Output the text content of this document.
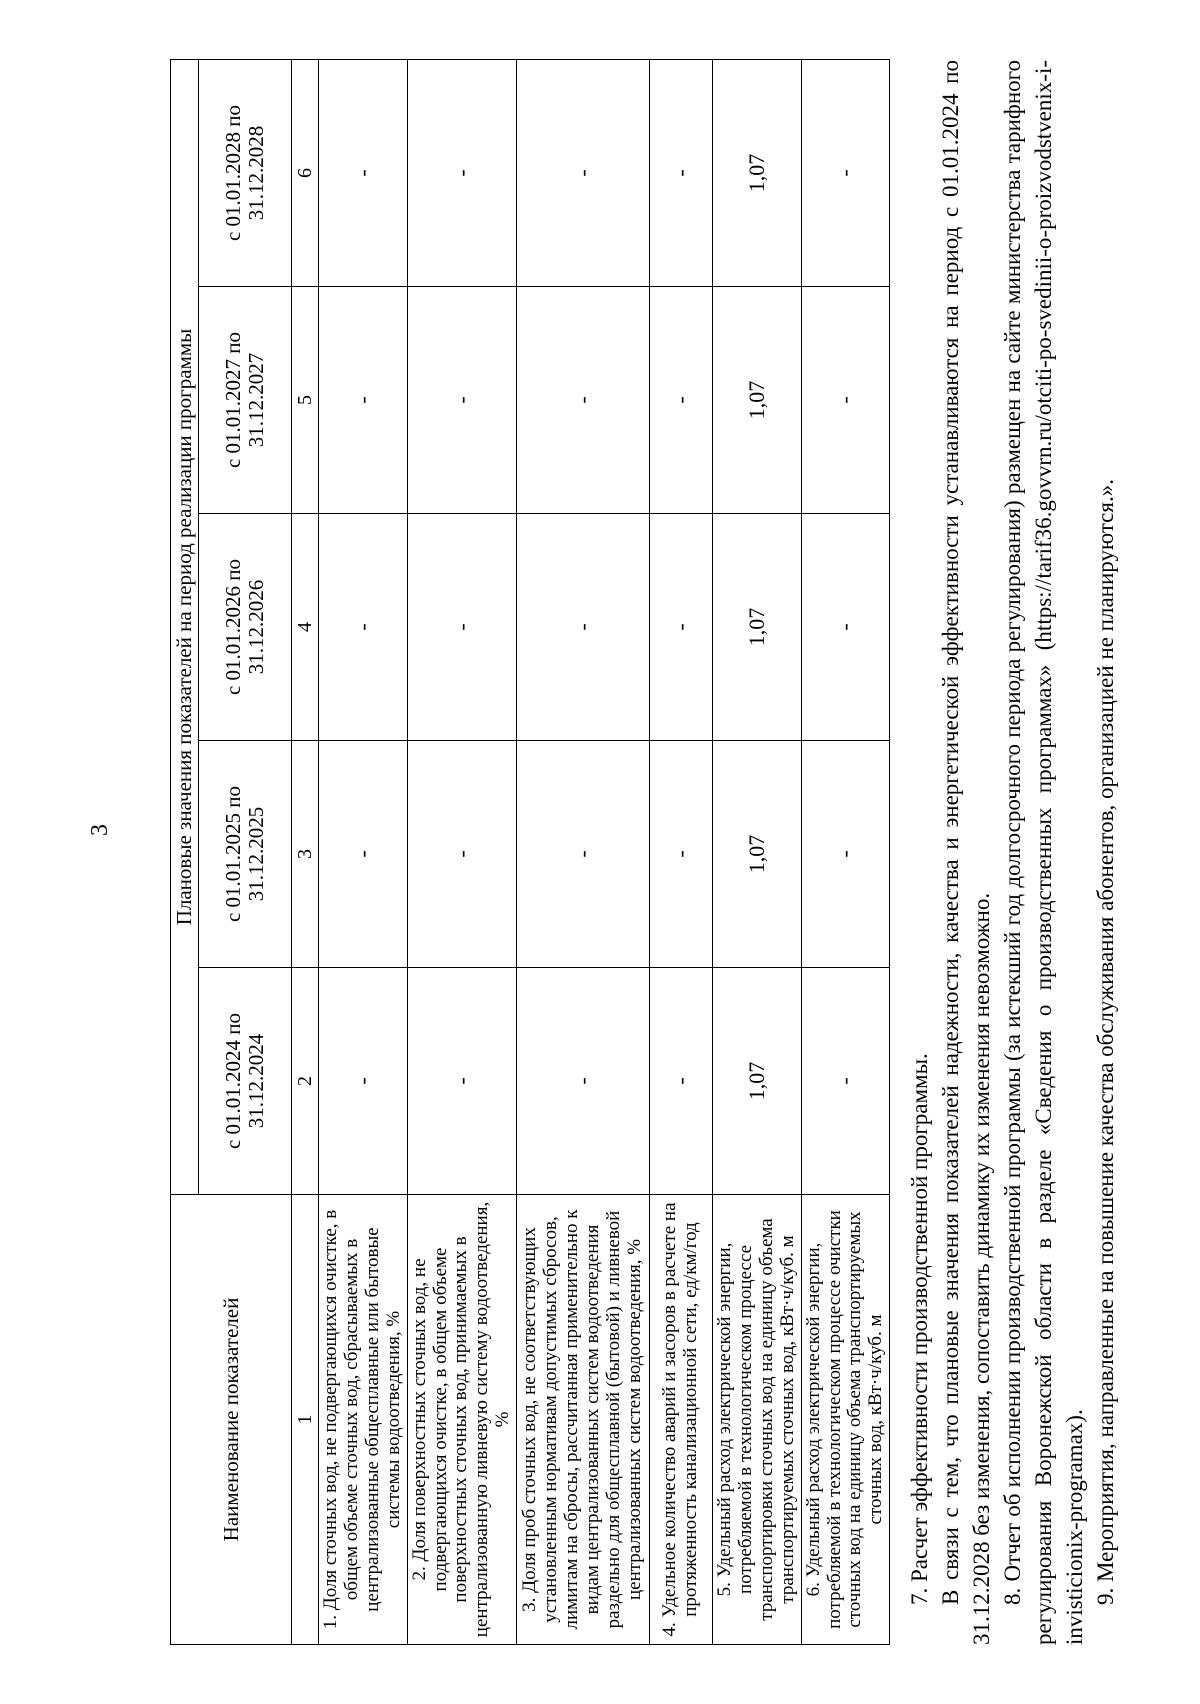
3
Наименование показателей	Плановые значения показателей на период реализации программы				
	с 01.01.2024 по 31.12.2024	с 01.01.2025 по 31.12.2025	с 01.01.2026 по 31.12.2026	с 01.01.2027 по 31.12.2027	с 01.01.2028 по 31.12.2028
1	2	3	4	5	6
1. Доля сточных вод, не подвергающихся очистке, в общем объеме сточных вод, сбрасываемых в централизованные общесплавные или бытовые системы водоотведения, %	-	-	-	-	-
2. Доля поверхностных сточных вод, не подвергающихся очистке, в общем объеме поверхностных сточных вод, принимаемых в централизованную ливневую систему водоотведения, %	-	-	-	-	-
3. Доля проб сточных вод, не соответствующих установленным нормативам допустимых сбросов, лимитам на сбросы, рассчитанная применительно к видам централизованных систем водоотведения раздельно для общесплавной (бытовой) и ливневой централизованных систем водоотведения, %	-	-	-	-	-
4. Удельное количество аварий и засоров в расчете на протяженность канализационной сети, ед/км/год	-	-	-	-	-
5. Удельный расход электрической энергии, потребляемой в технологическом процессе транспортировки сточных вод на единицу объема транспортируемых сточных вод, кВт·ч/куб. м	1,07	1,07	1,07	1,07	1,07
6. Удельный расход электрической энергии, потребляемой в технологическом процессе очистки сточных вод на единицу объема транспортируемых сточных вод, кВт·ч/куб. м	-	-	-	-	-

7. Расчет эффективности производственной программы. В связи с тем, что плановые значения показателей надежности, качества и энергетической эффективности устанавливаются на период с 01.01.2024 по 31.12.2028 без изменения, сопоставить динамику их изменения невозможно. 8. Отчет об исполнении производственной программы (за истекший год долгосрочного периода регулирования) размещен на сайте министерства тарифного регулирования Воронежской области в разделе «Сведения о производственных программах» (https://tarif36.govvrn.ru/otciti-po-svedinii-o-proizvodstvenix-i-invisticionix-programax). 9. Мероприятия, направленные на повышение качества обслуживания абонентов, организацией не планируются.».
